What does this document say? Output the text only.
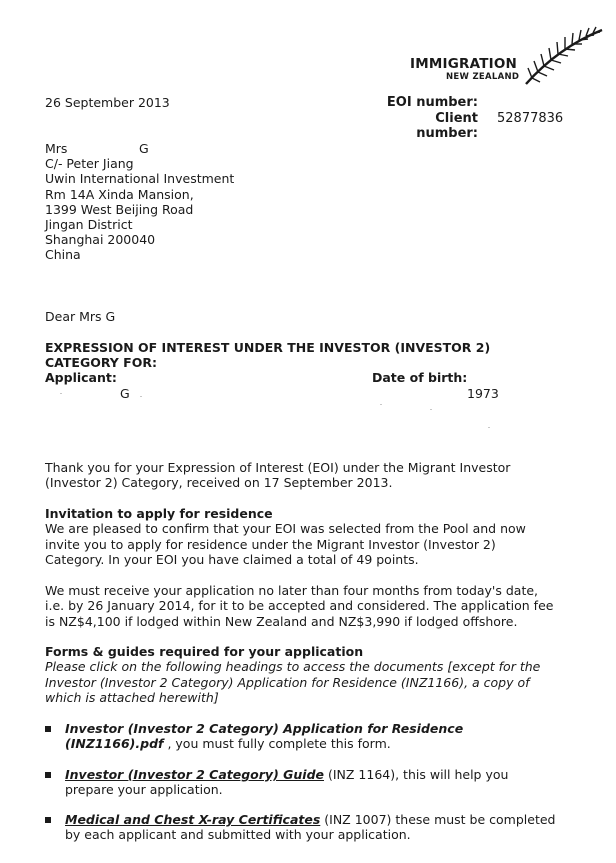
IMMIGRATION
NEW ZEALAND
26 September 2013	EOI number:
Client number:
52877836
Mrs                  G
C/- Peter Jiang
Uwin International Investment
Rm 14A Xinda Mansion,
1399 West Beijing Road
Jingan District
Shanghai 200040
China
Dear Mrs G
EXPRESSION OF INTEREST UNDER THE INVESTOR (INVESTOR 2)
CATEGORY FOR:
Applicant:
G
Date of birth:
1973
Thank you for your Expression of Interest (EOI) under the Migrant Investor
(Investor 2) Category, received on 17 September 2013.
Invitation to apply for residence
We are pleased to confirm that your EOI was selected from the Pool and now
invite you to apply for residence under the Migrant Investor (Investor 2)
Category. In your EOI you have claimed a total of 49 points.
We must receive your application no later than four months from today's date,
i.e. by 26 January 2014, for it to be accepted and considered. The application fee
is NZ$4,100 if lodged within New Zealand and NZ$3,990 if lodged offshore.
Forms & guides required for your application
Please click on the following headings to access the documents [except for the
Investor (Investor 2 Category) Application for Residence (INZ1166), a copy of
which is attached herewith]
Investor (Investor 2 Category) Application for Residence
(INZ1166).pdf , you must fully complete this form.
Investor (Investor 2 Category) Guide (INZ 1164), this will help you
prepare your application.
Medical and Chest X-ray Certificates (INZ 1007) these must be completed
by each applicant and submitted with your application.
